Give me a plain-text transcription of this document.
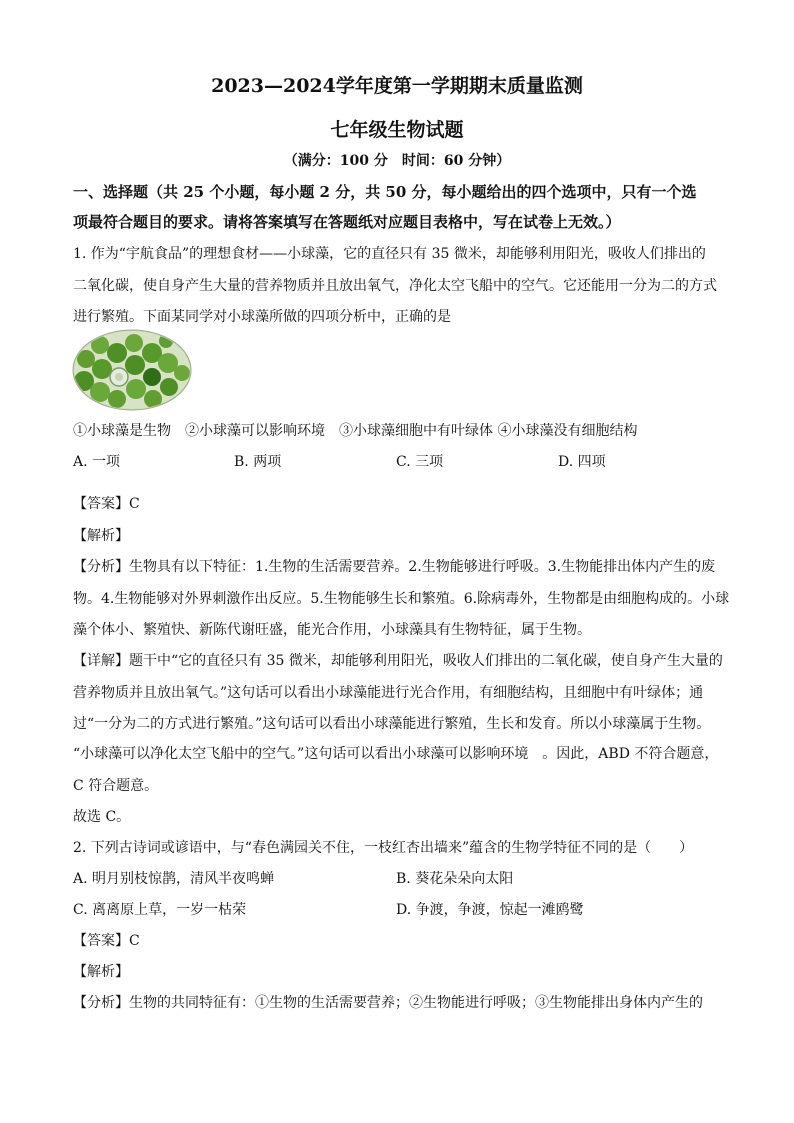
2023—2024学年度第一学期期末质量监测
七年级生物试题
（满分：100 分　时间：60 分钟）
一、选择题（共 25 个小题，每小题 2 分，共 50 分，每小题给出的四个选项中，只有一个选
项最符合题目的要求。请将答案填写在答题纸对应题目表格中，写在试卷上无效。）
1. 作为“宇航食品”的理想食材——小球藻，它的直径只有 35 微米，却能够利用阳光，吸收人们排出的
二氧化碳，使自身产生大量的营养物质并且放出氧气，净化太空飞船中的空气。它还能用一分为二的方式
进行繁殖。下面某同学对小球藻所做的四项分析中，正确的是
①小球藻是生物　②小球藻可以影响环境　③小球藻细胞中有叶绿体 ④小球藻没有细胞结构
A. 一项	B. 两项	C. 三项	D. 四项
【答案】C
【解析】
【分析】生物具有以下特征：1.生物的生活需要营养。2.生物能够进行呼吸。3.生物能排出体内产生的废
物。4.生物能够对外界刺激作出反应。5.生物能够生长和繁殖。6.除病毒外，生物都是由细胞构成的。小球
藻个体小、繁殖快、新陈代谢旺盛，能光合作用，小球藻具有生物特征，属于生物。
【详解】题干中“它的直径只有 35 微米，却能够利用阳光，吸收人们排出的二氧化碳，使自身产生大量的
营养物质并且放出氧气。”这句话可以看出小球藻能进行光合作用，有细胞结构，且细胞中有叶绿体；通
过“一分为二的方式进行繁殖。”这句话可以看出小球藻能进行繁殖，生长和发育。所以小球藻属于生物。
“小球藻可以净化太空飞船中的空气。”这句话可以看出小球藻可以影响环境　。因此，ABD 不符合题意，
C 符合题意。
故选 C。
2. 下列古诗词或谚语中，与“春色满园关不住，一枝红杏出墙来”蕴含的生物学特征不同的是（　　）
A. 明月别枝惊鹊，清风半夜鸣蝉	B. 葵花朵朵向太阳
C. 离离原上草，一岁一枯荣	D. 争渡，争渡，惊起一滩鸥鹭
【答案】C
【解析】
【分析】生物的共同特征有：①生物的生活需要营养；②生物能进行呼吸；③生物能排出身体内产生的
